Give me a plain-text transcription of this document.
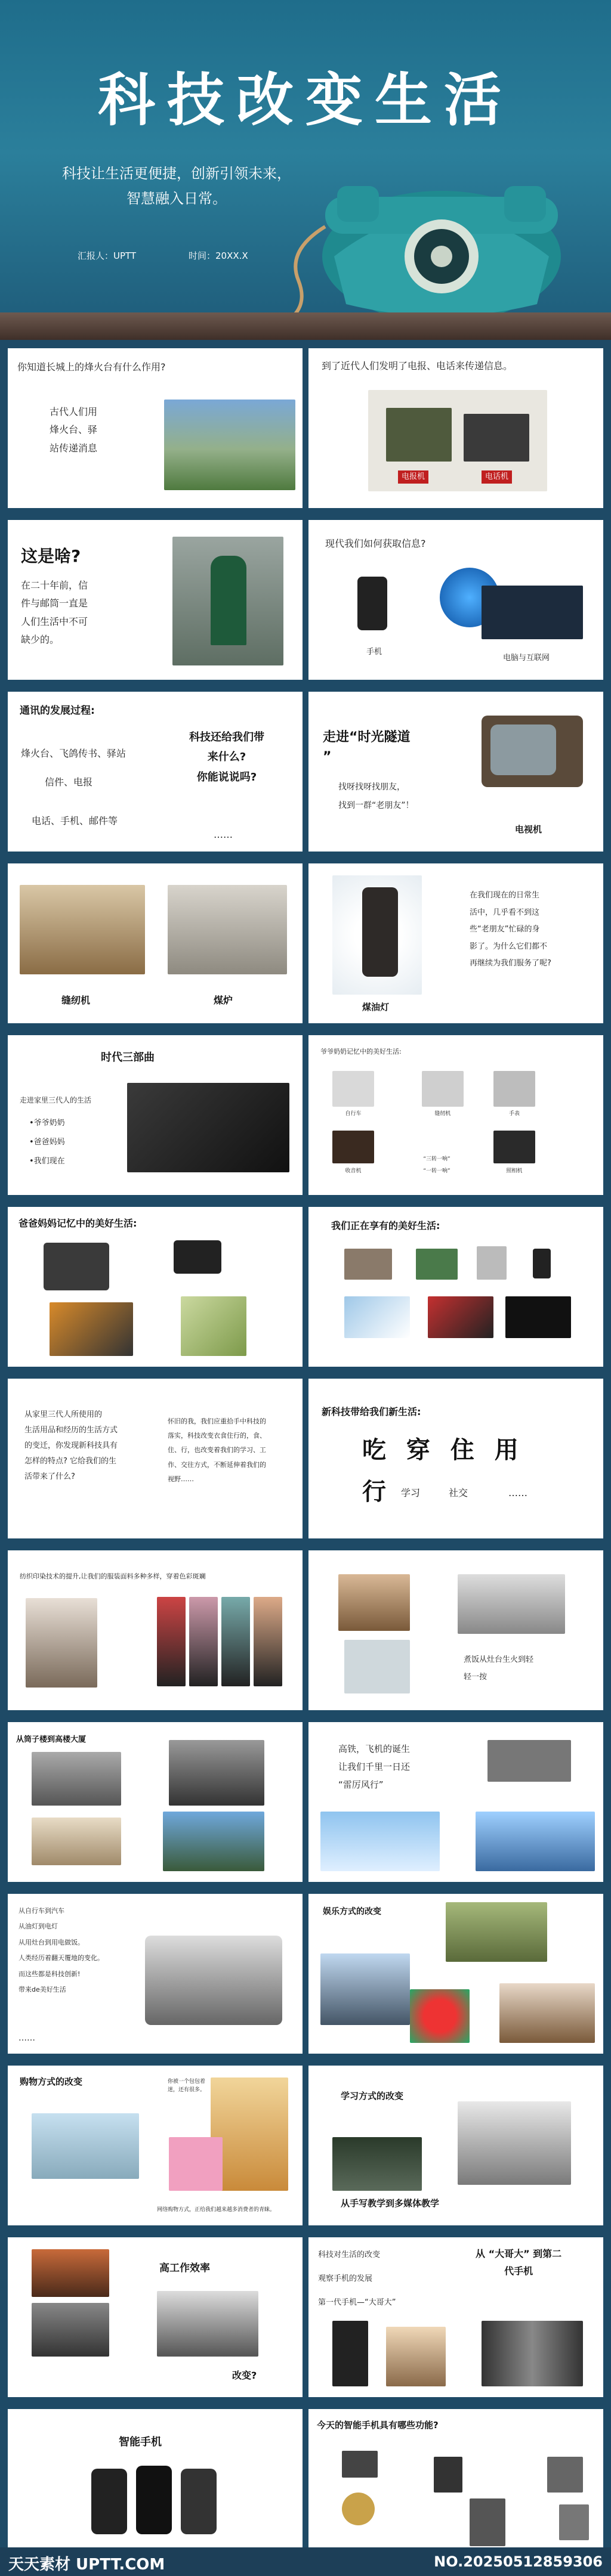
科技改变生活
科技让生活更便捷，创新引领未来，智慧融入日常。
汇报人：UPTT	时间：20XX.X
你知道长城上的烽火台有什么作用?
古代人们用
烽火台、驿
站传递消息
到了近代人们发明了电报、电话来传递信息。
电报机	电话机
这是啥?
在二十年前，信
件与邮筒一直是
人们生活中不可
缺少的。
现代我们如何获取信息?
手机
电脑与互联网
通讯的发展过程:
烽火台、飞鸽传书、驿站
信件、电报
电话、手机、邮件等
科技还给我们带
来什么?
你能说说吗?
……
走进“时光隧道
”
找呀找呀找朋友，
找到一群“老朋友”！
电视机
缝纫机	煤炉
煤油灯
在我们现在的日常生
活中，几乎看不到这
些“老朋友”忙碌的身
影了。为什么它们都不
再继续为我们服务了呢?
时代三部曲
走进家里三代人的生活
•爷爷奶奶
•爸爸妈妈
•我们现在
爷爷奶奶记忆中的美好生活:
自行车	缝纫机	手表
收音机
“三转一响”
“一转一响”	照相机
爸爸妈妈记忆中的美好生活:	我们正在享有的美好生活:
从家里三代人所使用的
生活用品和经历的生活方式
的变迁，你发现新科技具有
怎样的特点? 它给我们的生
活带来了什么?
怀旧的我，我们应重拾手中科技的
落实，科技改变衣食住行的，食、
住、行，也改变着我们的学习、工
作、交往方式，不断延伸着我们的
视野……
新科技带给我们新生活:
吃 穿 住 用
行 学习	社交	……
纺织印染技术的提升,让我们的服装面料多种多样，穿着色彩斑斓
煮饭从灶台生火到轻
轻一按
从筒子楼到高楼大厦
高铁，飞机的诞生
让我们千里一日还
“雷厉风行”
从自行车到汽车
从油灯到电灯
从用灶台到用电做饭。
人类经历着翻天覆地的变化。
而这些都是科技创新!
带来de美好生活
……
娱乐方式的改变
购物方式的改变	你被一个包包着
迷，还有很多。
网络购物方式，正给我们越来越多消费者的青睐。
学习方式的改变
从手写教学到多媒体教学
高工作效率
改变?
科技对生活的改变
观察手机的发展
第一代手机—“大哥大”
从 “大哥大” 到第二
代手机
智能手机
今天的智能手机具有哪些功能?
天天素材 UPTT.COM	NO.20250512859306
